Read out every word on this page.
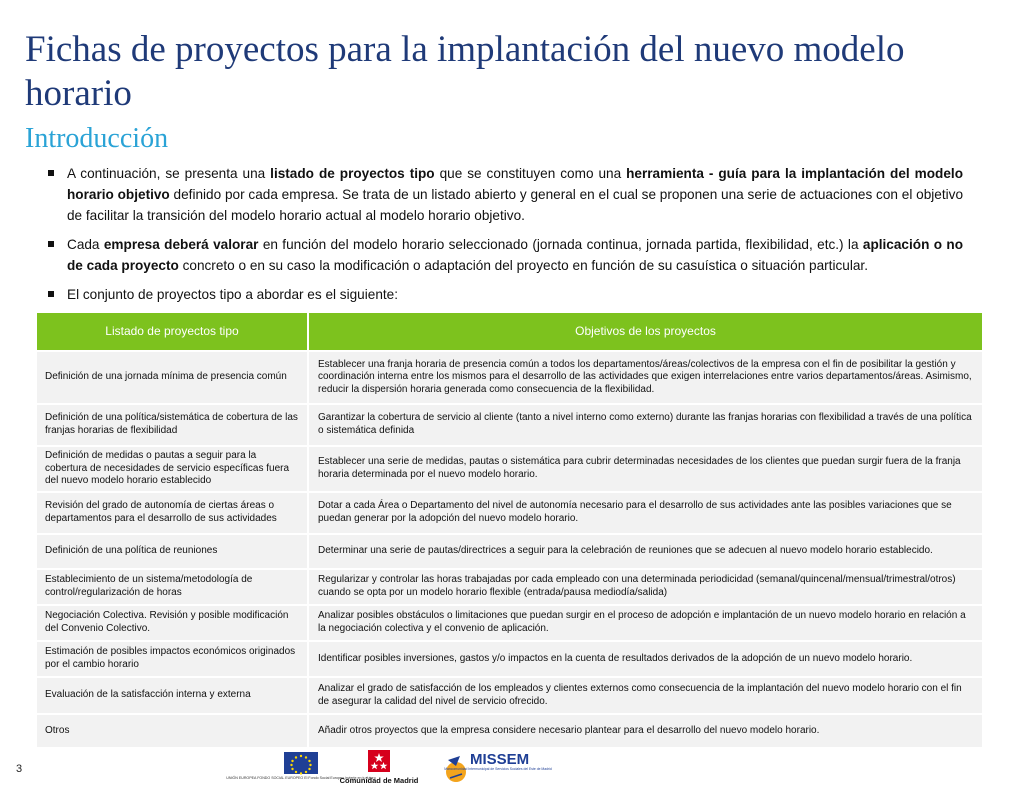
Fichas de proyectos para la implantación del nuevo modelo horario
Introducción
A continuación, se presenta una listado de proyectos tipo que se constituyen como una herramienta - guía para la implantación del modelo horario objetivo definido por cada empresa. Se trata de un listado abierto y general en el cual se proponen una serie de actuaciones con el objetivo de facilitar la transición del modelo horario actual al modelo horario objetivo.
Cada empresa deberá valorar en función del modelo horario seleccionado (jornada continua, jornada partida, flexibilidad, etc.) la aplicación o no de cada proyecto concreto o en su caso la modificación o adaptación del proyecto en función de su casuística o situación particular.
El conjunto de proyectos tipo a abordar es el siguiente:
Listado de proyectos tipo	Objetivos de los proyectos
Definición de una jornada mínima de presencia común	Establecer una franja horaria de presencia común a todos los departamentos/áreas/colectivos de la empresa con el fin de posibilitar la gestión y coordinación interna entre los mismos para el desarrollo de las actividades que exigen interrelaciones entre varios departamentos/áreas. Asimismo, reducir la dispersión horaria generada como consecuencia de la flexibilidad.
Definición de una política/sistemática de cobertura de las franjas horarias de flexibilidad	Garantizar la cobertura de servicio al cliente (tanto a nivel interno como externo) durante las franjas horarias con flexibilidad a través de una política o sistemática definida
Definición de medidas o pautas a seguir para la cobertura de necesidades de servicio específicas fuera del nuevo modelo horario establecido	Establecer una serie de medidas, pautas o sistemática para cubrir determinadas necesidades de los clientes que puedan surgir fuera de la franja horaria determinada por el nuevo modelo horario.
Revisión del grado de autonomía de ciertas áreas o departamentos para el desarrollo de sus actividades	Dotar a cada Área o Departamento del nivel de autonomía necesario para el desarrollo de sus actividades ante las posibles variaciones que se puedan generar por la adopción del nuevo modelo horario.
Definición de una política de reuniones	Determinar una serie de pautas/directrices a seguir para la celebración de reuniones que se adecuen al nuevo modelo horario establecido.
Establecimiento de un sistema/metodología de control/regularización de horas	Regularizar y controlar las horas trabajadas por cada empleado con una determinada periodicidad (semanal/quincenal/mensual/trimestral/otros) cuando se opta por un modelo horario flexible (entrada/pausa mediodía/salida)
Negociación Colectiva. Revisión y posible modificación del Convenio Colectivo.	Analizar posibles obstáculos o limitaciones que puedan surgir en el proceso de adopción e implantación de un nuevo modelo horario en relación a la negociación colectiva y el convenio de aplicación.
Estimación de posibles impactos económicos originados por el cambio horario	Identificar posibles inversiones, gastos y/o impactos en la cuenta de resultados derivados de la adopción de un nuevo modelo horario.
Evaluación de la satisfacción interna y externa	Analizar el grado de satisfacción de los empleados y clientes externos como consecuencia de la implantación del nuevo modelo horario con el fin de asegurar la calidad del nivel de servicio ofrecido.
Otros	Añadir otros proyectos que la empresa considere necesario plantear para el desarrollo del nuevo modelo horario.
3
UNIÓN EUROPEA FONDO SOCIAL EUROPEO El Fondo Social Europeo invierte en tu futuro
Comunidad de Madrid
MISSEM
Mancomunidad Intermunicipal de Servicios Sociales del Este de Madrid
